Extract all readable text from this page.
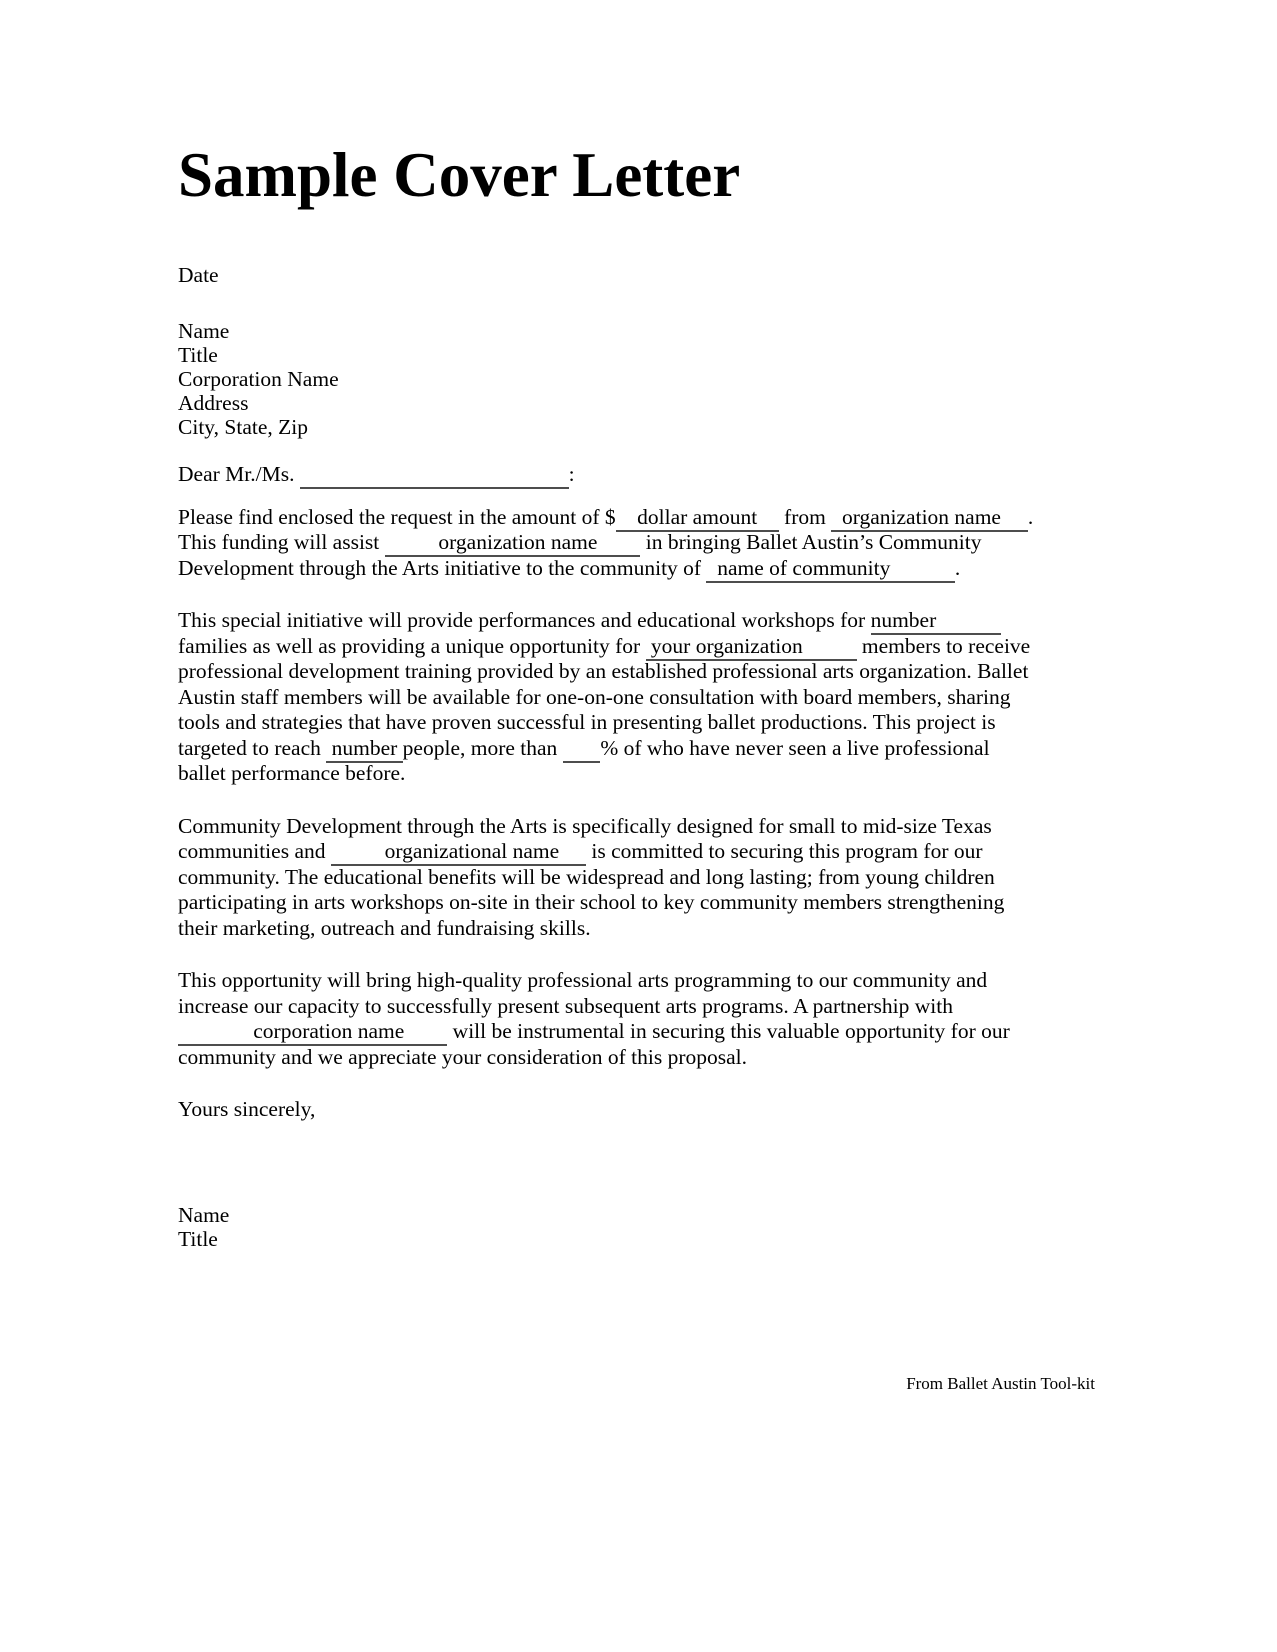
Sample Cover Letter

Date

Name
Title
Corporation Name
Address
City, State, Zip

Dear Mr./Ms.	:

Please find enclosed the request in the amount of $    dollar amount     from   organization name     . This funding will assist           organization name         in bringing Ballet Austin’s Community Development through the Arts initiative to the community of   name of community            .

This special initiative will provide performances and educational workshops for number             families as well as providing a unique opportunity for  your organization           members to receive professional development training provided by an established professional arts organization. Ballet Austin staff members will be available for one-on-one consultation with board members, sharing tools and strategies that have proven successful in presenting ballet productions. This project is targeted to reach  number people, more than        % of who have never seen a live professional ballet performance before.

Community Development through the Arts is specifically designed for small to mid-size Texas communities and           organizational name      is committed to securing this program for our community. The educational benefits will be widespread and long lasting; from young children participating in arts workshops on-site in their school to key community members strengthening their marketing, outreach and fundraising skills.

This opportunity will bring high-quality professional arts programming to our community and increase our capacity to successfully present subsequent arts programs. A partnership with               corporation name         will be instrumental in securing this valuable opportunity for our community and we appreciate your consideration of this proposal.

Yours sincerely,

Name
Title
From Ballet Austin Tool-kit
